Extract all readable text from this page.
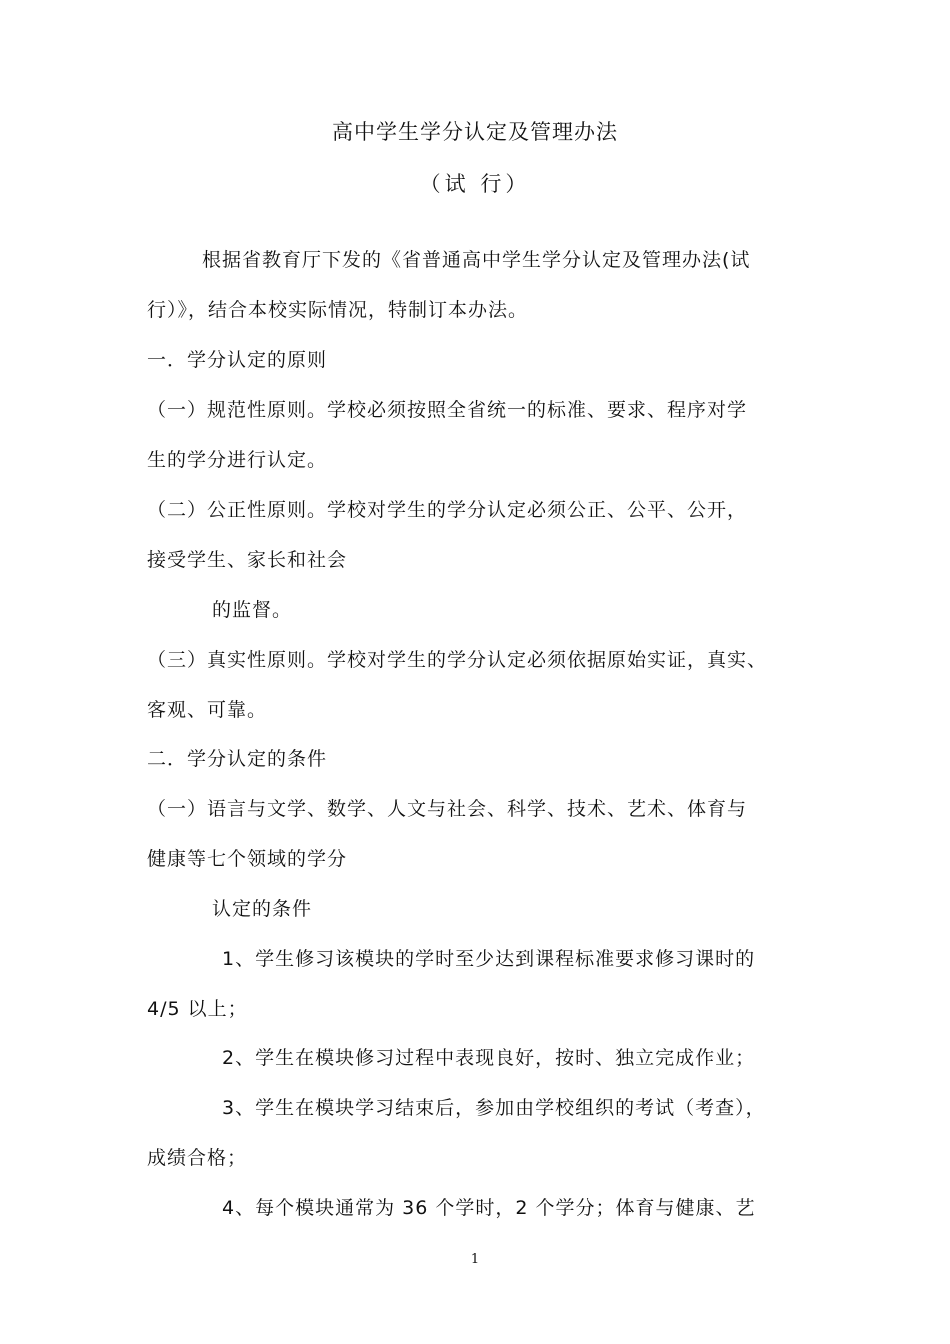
高中学生学分认定及管理办法
（试 行）
根据省教育厅下发的《省普通高中学生学分认定及管理办法(试
行）》，结合本校实际情况，特制订本办法。
一．学分认定的原则
（一）规范性原则。学校必须按照全省统一的标准、要求、程序对学
生的学分进行认定。
（二）公正性原则。学校对学生的学分认定必须公正、公平、公开，
接受学生、家长和社会
的监督。
（三）真实性原则。学校对学生的学分认定必须依据原始实证，真实、
客观、可靠。
二．学分认定的条件
（一）语言与文学、数学、人文与社会、科学、技术、艺术、体育与
健康等七个领域的学分
认定的条件
1、学生修习该模块的学时至少达到课程标准要求修习课时的
4/5 以上；
2、学生在模块修习过程中表现良好，按时、独立完成作业；
3、学生在模块学习结束后，参加由学校组织的考试（考查），
成绩合格；
4、每个模块通常为 36 个学时，2 个学分；体育与健康、艺
1
